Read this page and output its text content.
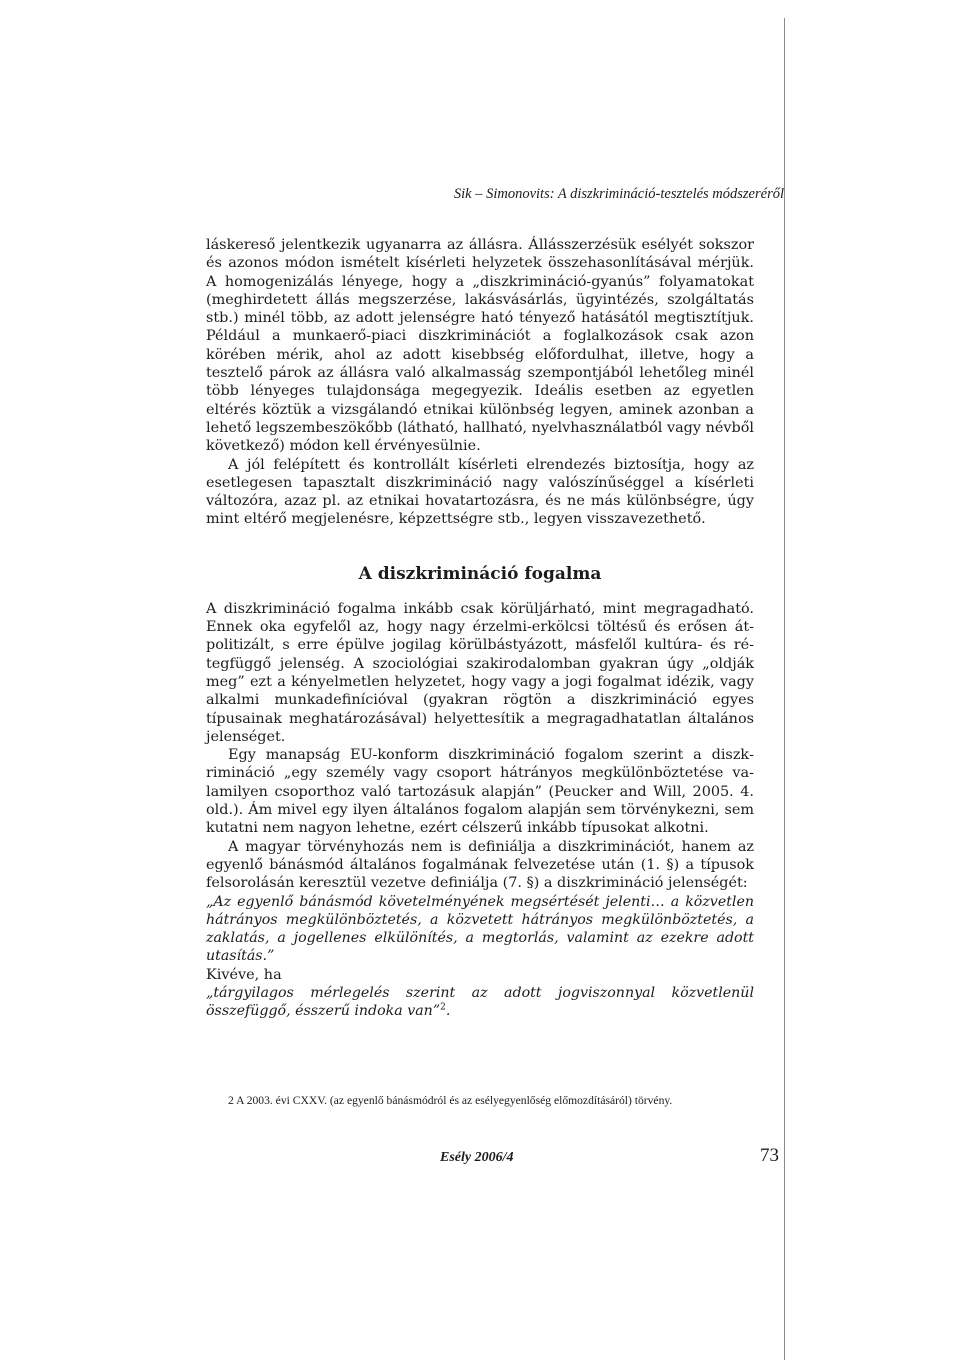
Sik – Simonovits: A diszkrimináció-tesztelés módszeréről

láskereső jelentkezik ugyanarra az állásra. Állásszerzésük esélyét sokszor és azonos módon ismételt kísérleti helyzetek összehasonlításával mérjük. A homogenizálás lényege, hogy a „diszkrimináció-gyanús” folyamatokat (meghirdetett állás megszerzése, lakásvásárlás, ügyintézés, szolgáltatás stb.) minél több, az adott jelenségre ható tényező hatásától megtisztítjuk. Például a munkaerő-piaci diszkriminációt a foglalkozások csak azon körében mérik, ahol az adott kisebbség előfordulhat, illetve, hogy a tesztelő párok az állásra való alkalmasság szempontjából lehetőleg minél több lényeges tulajdonsága megegyezik. Ideális esetben az egyetlen eltérés köztük a vizsgálandó etnikai különbség legyen, aminek azonban a lehető legszembeszökőbb (látható, hallható, nyelvhasználatból vagy névből következő) módon kell érvényesülnie.

A jól felépített és kontrollált kísérleti elrendezés biztosítja, hogy az esetlegesen tapasztalt diszkrimináció nagy valószínűséggel a kísérleti változóra, azaz pl. az etnikai hovatartozásra, és ne más különbségre, úgy mint eltérő megjelenésre, képzettségre stb., legyen visszavezethető.

A diszkrimináció fogalma

A diszkrimináció fogalma inkább csak körüljárható, mint megragadható. Ennek oka egyfelől az, hogy nagy érzelmi-erkölcsi töltésű és erősen átpolitizált, s erre épülve jogilag körülbástyázott, másfelől kultúra- és rétegfüggő jelenség. A szociológiai szakirodalomban gyakran úgy „oldják meg” ezt a kényelmetlen helyzetet, hogy vagy a jogi fogalmat idézik, vagy alkalmi munkadefinícióval (gyakran rögtön a diszkrimináció egyes típusainak meghatározásával) helyettesítik a megragadhatatlan általános jelenséget.

Egy manapság EU-konform diszkrimináció fogalom szerint a diszkrimináció „egy személy vagy csoport hátrányos megkülönböztetése valamilyen csoporthoz való tartozásuk alapján” (Peucker and Will, 2005. 4. old.). Ám mivel egy ilyen általános fogalom alapján sem törvénykezni, sem kutatni nem nagyon lehetne, ezért célszerű inkább típusokat alkotni.

A magyar törvényhozás nem is definiálja a diszkriminációt, hanem az egyenlő bánásmód általános fogalmának felvezetése után (1. §) a típusok felsorolásán keresztül vezetve definiálja (7. §) a diszkrimináció jelenségét:

„Az egyenlő bánásmód követelményének megsértését jelenti… a közvetlen hátrányos megkülönböztetés, a közvetett hátrányos megkülönböztetés, a zaklatás, a jogellenes elkülönítés, a megtorlás, valamint az ezekre adott utasítás.”

Kivéve, ha

„tárgyilagos mérlegelés szerint az adott jogviszonnyal közvetlenül összefüggő, ésszerű indoka van”$^2$.

2 A 2003. évi CXXV. (az egyenlő bánásmódról és az esélyegyenlőség előmozdításáról) törvény.
Esély 2006/4	73
